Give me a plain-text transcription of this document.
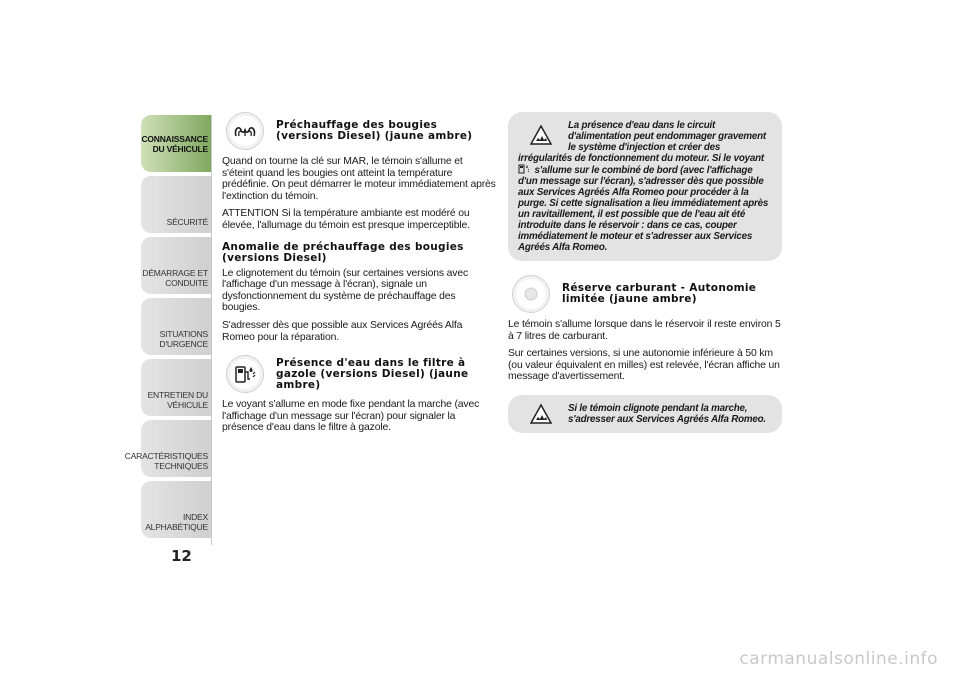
CONNAISSANCE
DU VÉHICULE
SÉCURITÉ
DÉMARRAGE ET
CONDUITE
SITUATIONS
D'URGENCE
ENTRETIEN DU
VÉHICULE
CARACTÉRISTIQUES
TECHNIQUES
INDEX
ALPHABÉTIQUE
12
Préchauffage des bougies (versions Diesel) (jaune ambre)

Quand on tourne la clé sur MAR, le témoin s'allume et s'éteint quand les bougies ont atteint la température prédéfinie. On peut démarrer le moteur immédiatement après l'extinction du témoin.

ATTENTION Si la température ambiante est modéré ou élevée, l'allumage du témoin est presque imperceptible.

Anomalie de préchauffage des bougies (versions Diesel)

Le clignotement du témoin (sur certaines versions avec l'affichage d'un message à l'écran), signale un dysfonctionnement du système de préchauffage des bougies.

S'adresser dès que possible aux Services Agréés Alfa Romeo pour la réparation.

Présence d'eau dans le filtre à gazole (versions Diesel) (jaune ambre)

Le voyant s'allume en mode fixe pendant la marche (avec l'affichage d'un message sur l'écran) pour signaler la présence d'eau dans le filtre à gazole.

La présence d'eau dans le circuit d'alimentation peut endommager gravement le système d'injection et créer des irrégularités de fonctionnement du moteur. Si le voyant
s'allume sur le combiné de bord (avec l'affichage d'un message sur l'écran), s'adresser dès que possible aux Services Agréés Alfa Romeo pour procéder à la purge. Si cette signalisation a lieu immédiatement après un ravitaillement, il est possible que de l'eau ait été introduite dans le réservoir : dans ce cas, couper immédiatement le moteur et s'adresser aux Services Agréés Alfa Romeo.
Réserve carburant - Autonomie limitée (jaune ambre)

Le témoin s'allume lorsque dans le réservoir il reste environ 5 à 7 litres de carburant.

Sur certaines versions, si une autonomie inférieure à 50 km (ou valeur équivalent en milles) est relevée, l'écran affiche un message d'avertissement.

Si le témoin clignote pendant la marche, s'adresser aux Services Agréés Alfa Romeo.
carmanualsonline.info
